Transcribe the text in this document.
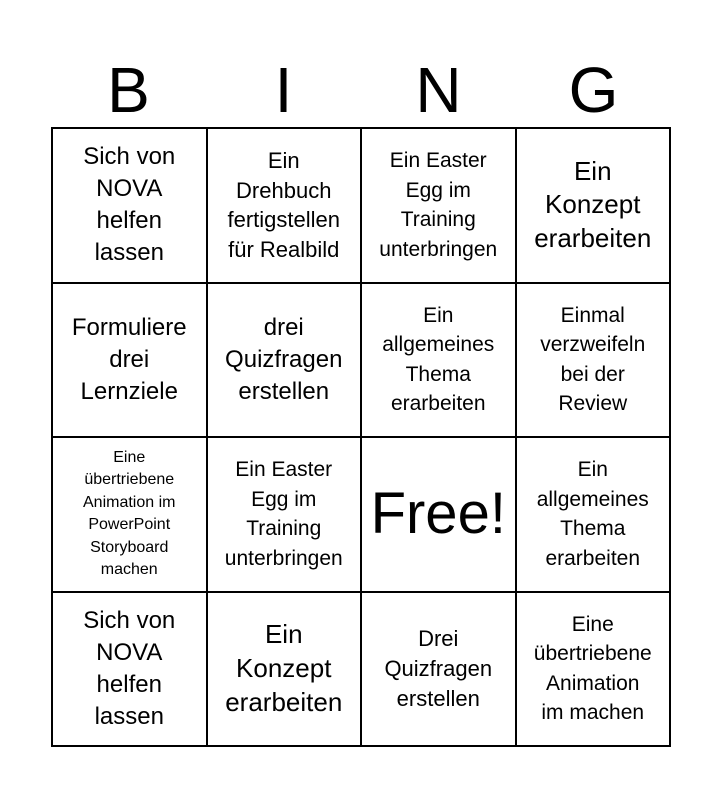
B	I	N	G
Sich von
NOVA
helfen
lassen
Ein
Drehbuch
fertigstellen
für Realbild
Ein Easter
Egg im
Training
unterbringen
Ein
Konzept
erarbeiten
Formuliere
drei
Lernziele
drei
Quizfragen
erstellen
Ein
allgemeines
Thema
erarbeiten
Einmal
verzweifeln
bei der
Review
Eine
übertriebene
Animation im
PowerPoint
Storyboard
machen
Ein Easter
Egg im
Training
unterbringen
Free!
Ein
allgemeines
Thema
erarbeiten
Sich von
NOVA
helfen
lassen
Ein
Konzept
erarbeiten
Drei
Quizfragen
erstellen
Eine
übertriebene
Animation
im machen
